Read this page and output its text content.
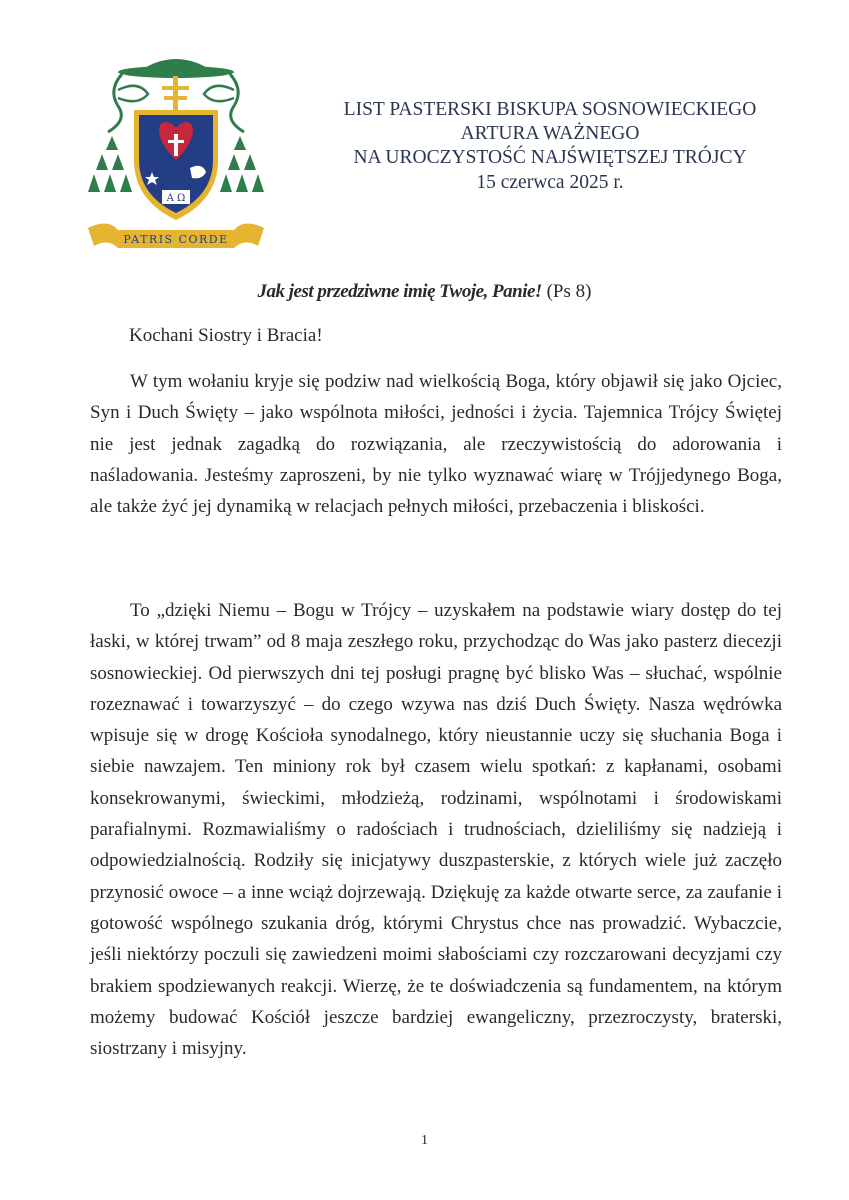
A Ω
PATRIS CORDE
LIST PASTERSKI BISKUPA SOSNOWIECKIEGO
ARTURA WAŻNEGO
NA UROCZYSTOŚĆ NAJŚWIĘTSZEJ TRÓJCY
15 czerwca 2025 r.
Jak jest przedziwne imię Twoje, Panie! (Ps 8)
Kochani Siostry i Bracia!

W tym wołaniu kryje się podziw nad wielkością Boga, który objawił się jako Ojciec, Syn i Duch Święty – jako wspólnota miłości, jedności i życia. Tajemnica Trójcy Świętej nie jest jednak zagadką do rozwiązania, ale rzeczywistością do adorowania i naśladowania. Jesteśmy zaproszeni, by nie tylko wyznawać wiarę w Trójjedynego Boga, ale także żyć jej dynamiką w relacjach pełnych miłości, przebaczenia i bliskości.

To „dzięki Niemu – Bogu w Trójcy – uzyskałem na podstawie wiary dostęp do tej łaski, w której trwam” od 8 maja zeszłego roku, przychodząc do Was jako pasterz diecezji sosnowieckiej. Od pierwszych dni tej posługi pragnę być blisko Was – słuchać, wspólnie rozeznawać i towarzyszyć – do czego wzywa nas dziś Duch Święty. Nasza wędrówka wpisuje się w drogę Kościoła synodalnego, który nieustannie uczy się słuchania Boga i siebie nawzajem. Ten miniony rok był czasem wielu spotkań: z kapłanami, osobami konsekrowanymi, świeckimi, młodzieżą, rodzinami, wspólnotami i środowiskami parafialnymi. Rozmawialiśmy o radościach i trudnościach, dzieliliśmy się nadzieją i odpowiedzialnością. Rodziły się inicjatywy duszpasterskie, z których wiele już zaczęło przynosić owoce – a inne wciąż dojrzewają. Dziękuję za każde otwarte serce, za zaufanie i gotowość wspólnego szukania dróg, którymi Chrystus chce nas prowadzić. Wybaczcie, jeśli niektórzy poczuli się zawiedzeni moimi słabościami czy rozczarowani decyzjami czy brakiem spodziewanych reakcji. Wierzę, że te doświadczenia są fundamentem, na którym możemy budować Kościół jeszcze bardziej ewangeliczny, przezroczysty, braterski, siostrzany i misyjny.

1
